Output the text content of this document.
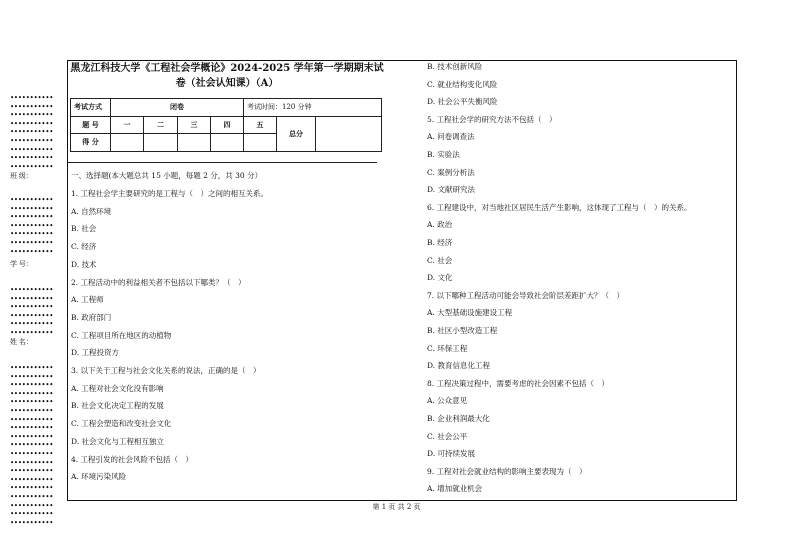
黑龙江科技大学《工程社会学概论》2024-2025 学年第一学期期末试
卷（社会认知课）（A）
考试方式	闭卷				考试时间：120 分钟		
题 号	一	二	三	四	五	总分	
得 分							
一、选择题(本大题总共 15 小题，每题 2 分，共 30 分）
1. 工程社会学主要研究的是工程与（　）之间的相互关系。
A. 自然环境
B. 社会
C. 经济
D. 技术
2. 工程活动中的利益相关者不包括以下哪类？（　）
A. 工程师
B. 政府部门
C. 工程项目所在地区的动植物
D. 工程投资方
3. 以下关于工程与社会文化关系的说法，正确的是（　）
A. 工程对社会文化没有影响
B. 社会文化决定工程的发展
C. 工程会塑造和改变社会文化
D. 社会文化与工程相互独立
4. 工程引发的社会风险不包括（　）
A. 环境污染风险
B. 技术创新风险
C. 就业结构变化风险
D. 社会公平失衡风险
5. 工程社会学的研究方法不包括（　）
A. 问卷调查法
B. 实验法
C. 案例分析法
D. 文献研究法
6. 工程建设中，对当地社区居民生活产生影响，这体现了工程与（　）的关系。
A. 政治
B. 经济
C. 社会
D. 文化
7. 以下哪种工程活动可能会导致社会阶层差距扩大？（　）
A. 大型基础设施建设工程
B. 社区小型改造工程
C. 环保工程
D. 教育信息化工程
8. 工程决策过程中，需要考虑的社会因素不包括（　）
A. 公众意见
B. 企业利润最大化
C. 社会公平
D. 可持续发展
9. 工程对社会就业结构的影响主要表现为（　）
A. 增加就业机会
•••••••••••
•••••••••••
•••••••••••
•••••••••••
•••••••••••
•••••••••••
•••••••••••
•••••••••••
•••••••••••
班 级：
•••••••••••
•••••••••••
•••••••••••
•••••••••••
•••••••••••
•••••••••••
•••••••••••
学 号：
•••••••••••
•••••••••••
•••••••••••
•••••••••••
•••••••••••
•••••••••••
姓 名：
•••••••••••
•••••••••••
•••••••••••
•••••••••••
•••••••••••
•••••••••••
•••••••••••
•••••••••••
•••••••••••
•••••••••••
•••••••••••
•••••••••••
•••••••••••
•••••••••••
•••••••••••
•••••••••••
•••••••••••
•••••••••••
•••••••••••
第 1 页 共 2 页
